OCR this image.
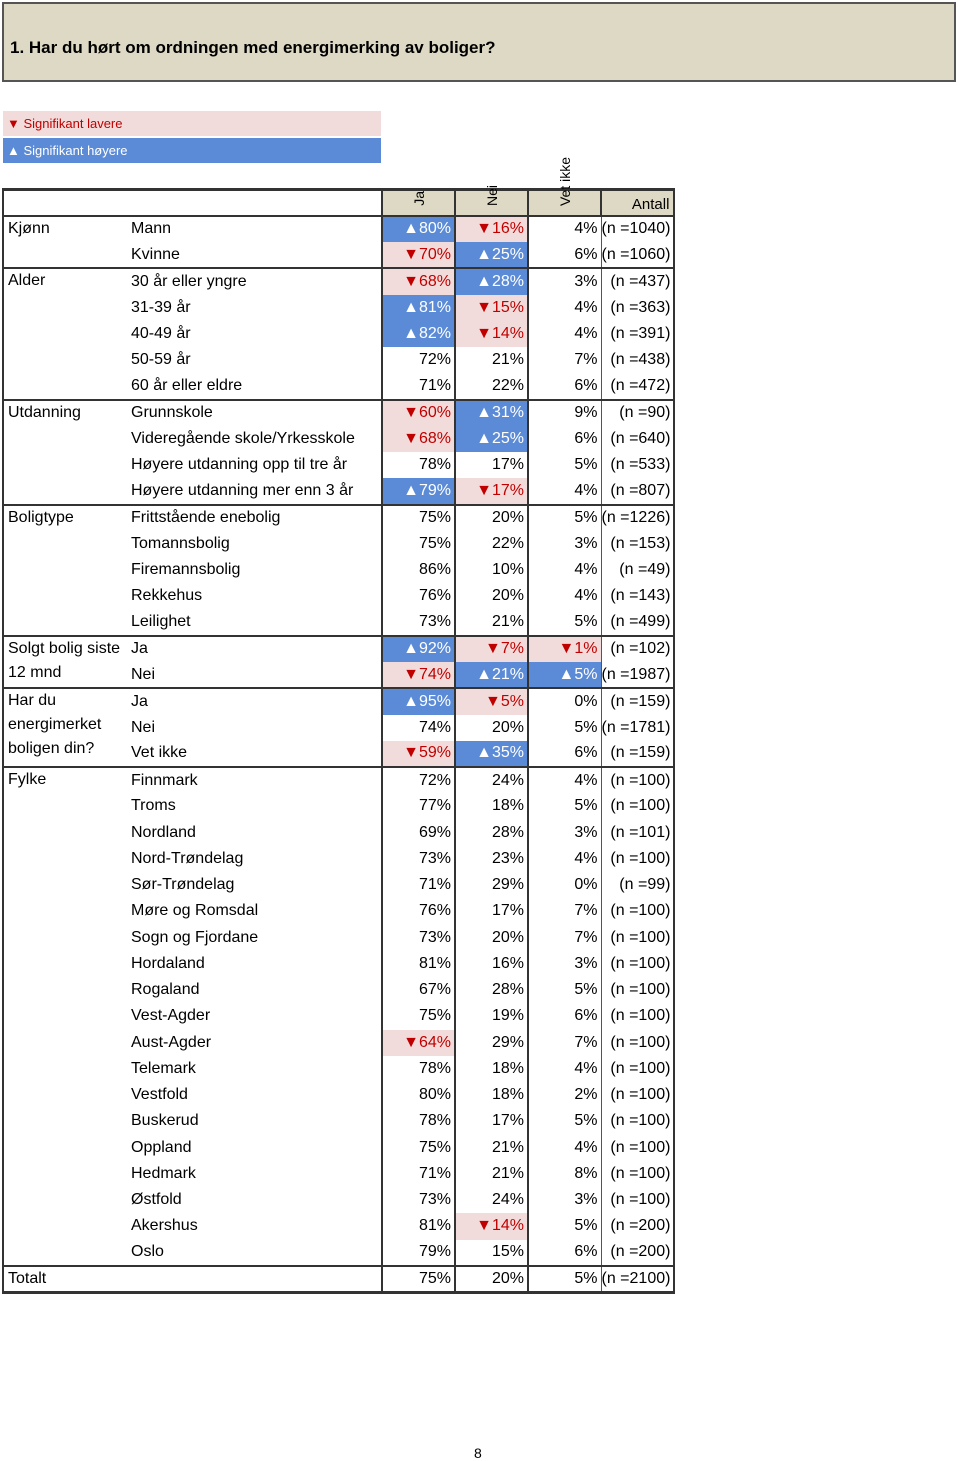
1. Har du hørt om ordningen med energimerking av boliger?
▼ Signifikant lavere
▲ Signifikant høyere

		Ja	Nei	Vet ikke	Antall

Kjønn	Mann	▲80%	▼16%	4%	(n =1040)
	Kvinne	▼70%	▲25%	6%	(n =1060)
Alder	30 år eller yngre	▼68%	▲28%	3%	(n =437)
	31-39 år	▲81%	▼15%	4%	(n =363)
	40-49 år	▲82%	▼14%	4%	(n =391)
	50-59 år	72%	21%	7%	(n =438)
	60 år eller eldre	71%	22%	6%	(n =472)
Utdanning	Grunnskole	▼60%	▲31%	9%	(n =90)
	Videregående skole/Yrkesskole	▼68%	▲25%	6%	(n =640)
	Høyere utdanning opp til tre år	78%	17%	5%	(n =533)
	Høyere utdanning mer enn 3 år	▲79%	▼17%	4%	(n =807)
Boligtype	Frittstående enebolig	75%	20%	5%	(n =1226)
	Tomannsbolig	75%	22%	3%	(n =153)
	Firemannsbolig	86%	10%	4%	(n =49)
	Rekkehus	76%	20%	4%	(n =143)
	Leilighet	73%	21%	5%	(n =499)
Solgt bolig siste 12 mnd	Ja	▲92%	▼7%	▼1%	(n =102)
	Nei	▼74%	▲21%	▲5%	(n =1987)
Har du energimerket boligen din?	Ja	▲95%	▼5%	0%	(n =159)
	Nei	74%	20%	5%	(n =1781)
	Vet ikke	▼59%	▲35%	6%	(n =159)
Fylke	Finnmark	72%	24%	4%	(n =100)
	Troms	77%	18%	5%	(n =100)
	Nordland	69%	28%	3%	(n =101)
	Nord-Trøndelag	73%	23%	4%	(n =100)
	Sør-Trøndelag	71%	29%	0%	(n =99)
	Møre og Romsdal	76%	17%	7%	(n =100)
	Sogn og Fjordane	73%	20%	7%	(n =100)
	Hordaland	81%	16%	3%	(n =100)
	Rogaland	67%	28%	5%	(n =100)
	Vest-Agder	75%	19%	6%	(n =100)
	Aust-Agder	▼64%	29%	7%	(n =100)
	Telemark	78%	18%	4%	(n =100)
	Vestfold	80%	18%	2%	(n =100)
	Buskerud	78%	17%	5%	(n =100)
	Oppland	75%	21%	4%	(n =100)
	Hedmark	71%	21%	8%	(n =100)
	Østfold	73%	24%	3%	(n =100)
	Akershus	81%	▼14%	5%	(n =200)
	Oslo	79%	15%	6%	(n =200)
Totalt		75%	20%	5%	(n =2100)
8
